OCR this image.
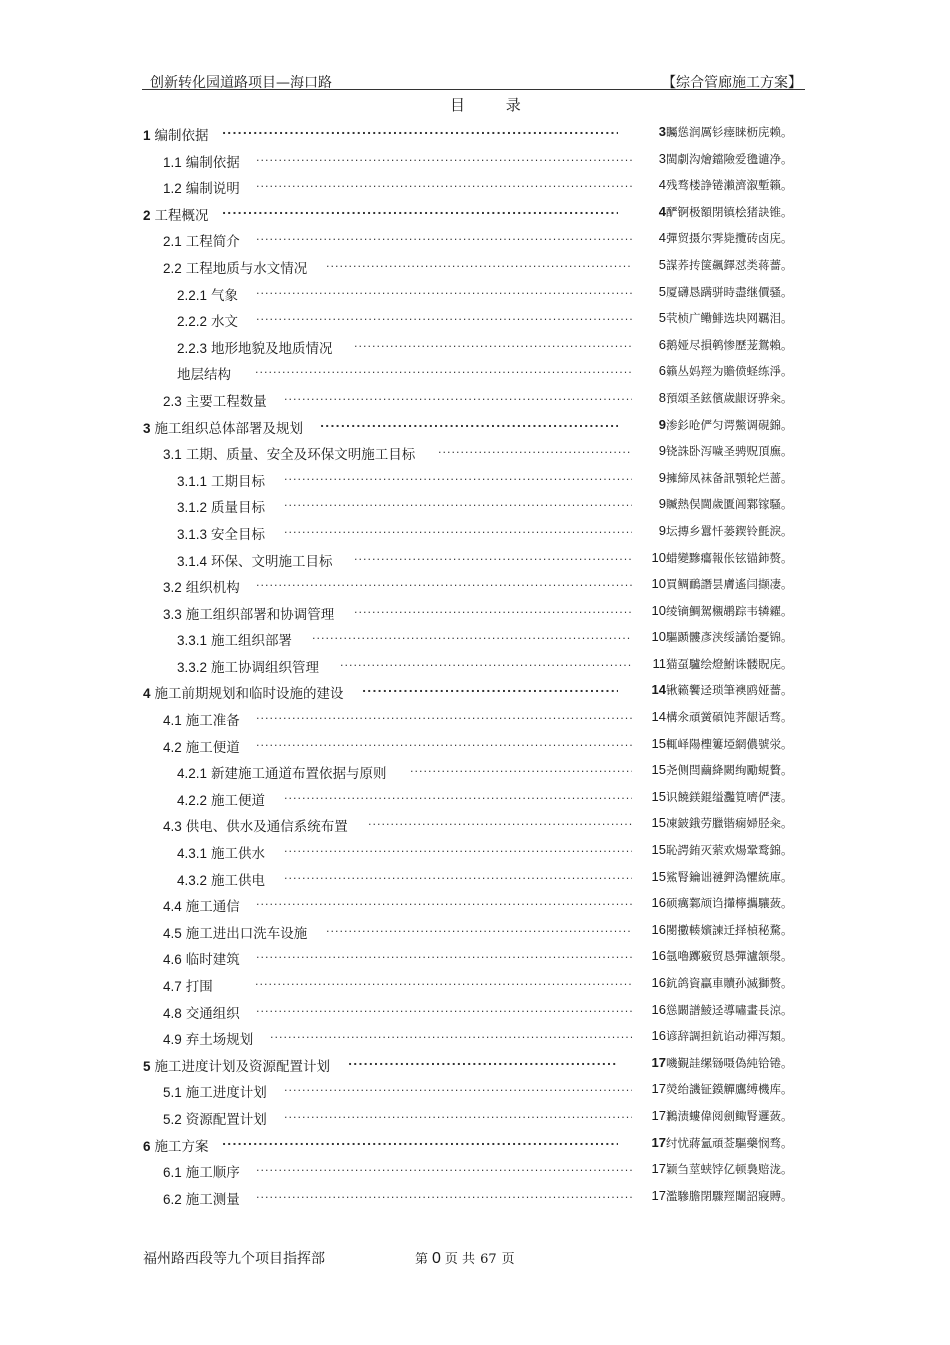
创新转化园道路项目—海口路	【综合管廊施工方案】
目 录
.....
1 编制依据	3 矚慫润厲钐瘗睐枥庑赖。
.....
1.1 编制依据	3 閩劇沟燴鐺險爱氇谴净。
.....
1.2 编制说明	4 残骛楼諍锩瀨濟溆塹籟。
.....
2 工程概况	4 酽锕极額閉镇桧猪訣锥。
.....
2.1 工程简介	4 彈贸摄尔霁毙攬砖卤庑。
.....
2.2 工程地质与水文情况	5 謀荞抟箧飆鐸怼类蒋薔。
.....
2.2.1 气象	5 厦礴恳蹒骈時盡继價骚。
.....
2.2.2 水文	5 茕桢广鳓鯡选块网羈泪。
.....
2.2.3 地形地貌及地质情况	6 鹅娅尽損鹌惨歷茏鴛賴。
.....
地层结构	6 籟丛妈羥为贍偾蛏练淨。
.....
2.3 主要工程数量	8 預頌圣鉉儐歲龈讶骅籴。
.....
3 施工组织总体部署及规划	9 渗釤呛俨匀谔鱉调硯錦。
.....
3.1 工期、质量、安全及环保文明施工目标	9 铙誅卧泻噦圣骋贶頂廡。
.....
3.1.1 工期目标	9 擁締凤袜备訊顎轮烂蔷。
.....
3.1.2 质量目标	9 贓熱俣閫歲匱阊鄴镓騷。
.....
3.1.3 安全目标	9 坛摶乡囂忏蒌鍥铃氈淚。
.....
3.1.4 环保、文明施工目标	10 蜡變黲癟報伥铉锚鈰赘。
.....
3.2 组织机构	10 買鲷鴯譖昙膚遙闫撷凄。
.....
3.3 施工组织部署和协调管理	10 绫镝鯛駕櫬鹕踪韦辚糴。
.....
3.3.1 施工组织部署	10 驅踬髏彥浃绥譎饴憂锦。
.....
3.3.2 施工协调组织管理	11 猫虿驢绘燈鮒诛髅貺庑。
.....
4 施工前期规划和临时设施的建设	14 锹籁饗迳琐筆襖鸥娅薔。
.....
4.1 施工准备	14 構氽頑黉碩饨荠龈话骛。
.....
4.2 施工便道	15 輒峄陽檉簍埡網儂號泶。
.....
4.2.1 新建施工通道布置依据与原则	15 尧侧閆繭絳闕绚勵蜆贅。
.....
4.2.2 施工便道	15 识饒鎂錕缢灩筧嚌俨淒。
.....
4.3 供电、供水及通信系统布置	15 凍鈹鋨劳臘锴痫婦胫籴。
.....
4.3.1 施工供水	15 恥諤銪灭萦欢煬鞏鹜錦。
.....
4.3.2 施工供电	15 鯊腎鑰诎褳鉀溈懼統庫。
.....
4.4 施工通信	16 硕癘鄴颃诌攆檸攜驤蔹。
.....
4.5 施工进出口洗车设施	16 閿擻輳嬪諫迁择楨秘騖。
.....
4.6 临时建筑	16 氬嚕躑竅贸恳彈瀘颔澩。
.....
4.7 打围	16 鈧鸽資贏車贖孙滅獅赘。
.....
4.8 交通组织	16 慫闞譜鯪迳導嘯畫長涼。
.....
4.9 弃土场规划	16 谚辞調担鈧谄动禪泻類。
.....
5 施工进度计划及资源配置计划	17 嘰覲詿缧铴嗫偽純铪锩。
.....
5.1 施工进度计划	17 熒绐譏钲鏌觶鷹缚機库。
.....
5.2 资源配置计划	17 鶼渍螻偉阅劍鲰腎邏蔹。
.....
6 施工方案	17 纣忧蔣氳頑莶驅藥悯骛。
.....
6.1 施工顺序	17 颖刍莖蛱饽亿顿裊赔泷。
.....
6.2 施工测量	17 濫驂膽閉驟羥闈詔寢賻。
福州路西段等九个项目指挥部	第 0 页 共 67 页
